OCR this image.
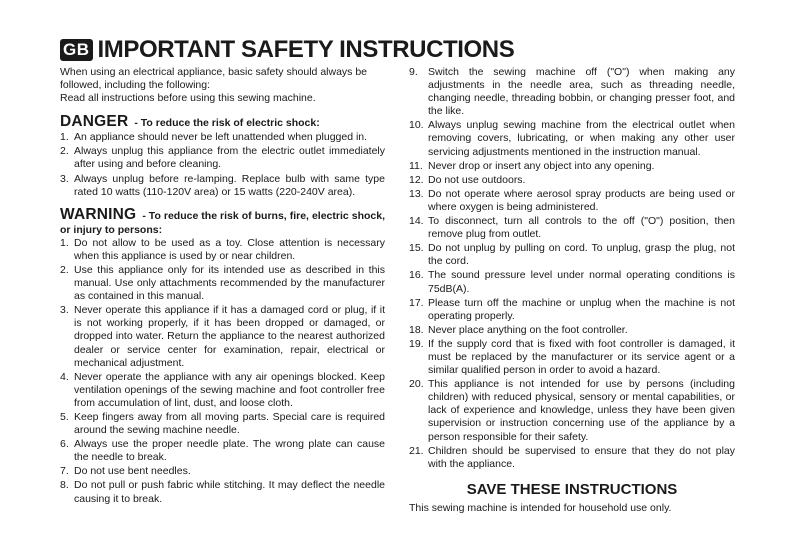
GB IMPORTANT SAFETY INSTRUCTIONS

When using an electrical appliance, basic safety should always be followed, including the following:

Read all instructions before using this sewing machine.

DANGER - To reduce the risk of electric shock:
1. An appliance should never be left unattended when plugged in.
2. Always unplug this appliance from the electric outlet immediately after using and before cleaning.
3. Always unplug before re-lamping. Replace bulb with same type rated 10 watts (110-120V area) or 15 watts (220-240V area).
WARNING - To reduce the risk of burns, fire, electric shock, or injury to persons:
1. Do not allow to be used as a toy. Close attention is necessary when this appliance is used by or near children.
2. Use this appliance only for its intended use as described in this manual. Use only attachments recommended by the manufacturer as contained in this manual.
3. Never operate this appliance if it has a damaged cord or plug, if it is not working properly, if it has been dropped or damaged, or dropped into water. Return the appliance to the nearest authorized dealer or service center for examination, repair, electrical or mechanical adjustment.
4. Never operate the appliance with any air openings blocked. Keep ventilation openings of the sewing machine and foot controller free from accumulation of lint, dust, and loose cloth.
5. Keep fingers away from all moving parts. Special care is required around the sewing machine needle.
6. Always use the proper needle plate. The wrong plate can cause the needle to break.
7. Do not use bent needles.
8. Do not pull or push fabric while stitching. It may deflect the needle causing it to break.
9. Switch the sewing machine off ("O") when making any adjustments in the needle area, such as threading needle, changing needle, threading bobbin, or changing presser foot, and the like.
10. Always unplug sewing machine from the electrical outlet when removing covers, lubricating, or when making any other user servicing adjustments mentioned in the instruction manual.
11. Never drop or insert any object into any opening.
12. Do not use outdoors.
13. Do not operate where aerosol spray products are being used or where oxygen is being administered.
14. To disconnect, turn all controls to the off ("O") position, then remove plug from outlet.
15. Do not unplug by pulling on cord. To unplug, grasp the plug, not the cord.
16. The sound pressure level under normal operating conditions is 75dB(A).
17. Please turn off the machine or unplug when the machine is not operating properly.
18. Never place anything on the foot controller.
19. If the supply cord that is fixed with foot controller is damaged, it must be replaced by the manufacturer or its service agent or a similar qualified person in order to avoid a hazard.
20. This appliance is not intended for use by persons (including children) with reduced physical, sensory or mental capabilities, or lack of experience and knowledge, unless they have been given supervision or instruction concerning use of the appliance by a person responsible for their safety.
21. Children should be supervised to ensure that they do not play with the appliance.
SAVE THESE INSTRUCTIONS

This sewing machine is intended for household use only.
